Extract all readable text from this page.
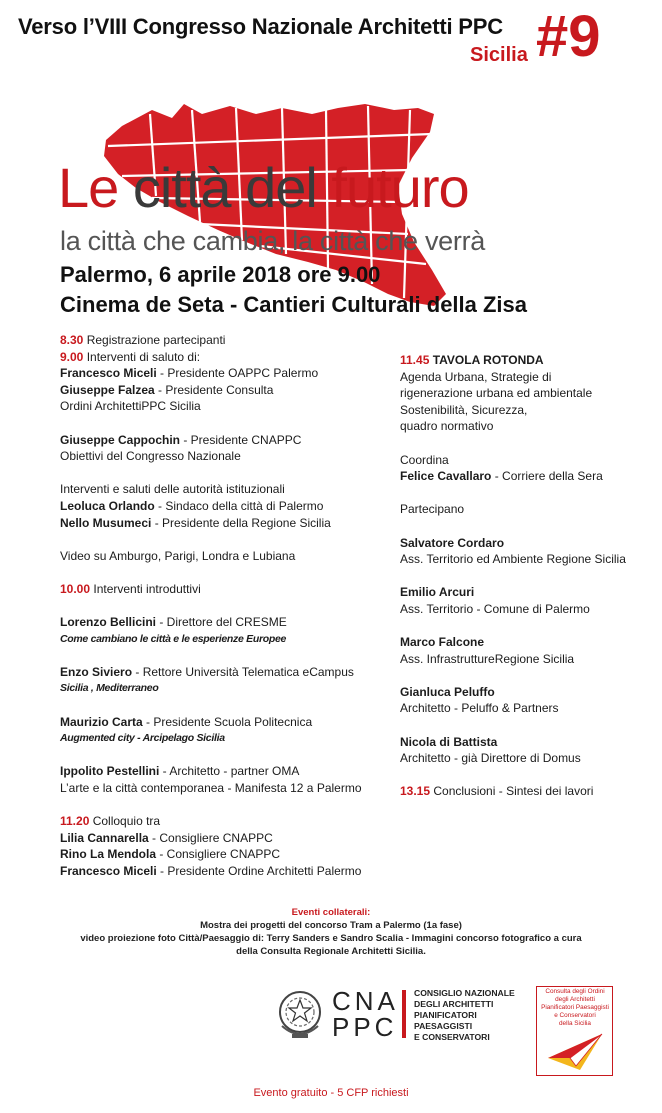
Verso l’VIII Congresso Nazionale Architetti PPC
Sicilia #9
Le città del futuro
la città che cambia, la città che verrà
Palermo, 6 aprile 2018 ore 9.00
Cinema de Seta - Cantieri Culturali della Zisa

8.30 Registrazione partecipanti

9.00 Interventi di saluto di:

Francesco Miceli - Presidente OAPPC Palermo

Giuseppe Falzea - Presidente Consulta

Ordini ArchitettiPPC Sicilia

Giuseppe Cappochin - Presidente CNAPPC

Obiettivi del Congresso Nazionale

Interventi e saluti delle autorità istituzionali

Leoluca Orlando - Sindaco della città di Palermo

Nello Musumeci - Presidente della Regione Sicilia

Video su Amburgo, Parigi, Londra e Lubiana

10.00 Interventi introduttivi

Lorenzo Bellicini - Direttore del CRESME

Come cambiano le città e le esperienze Europee

Enzo Siviero - Rettore Università Telematica eCampus

Sicilia , Mediterraneo

Maurizio Carta - Presidente Scuola Politecnica

Augmented city - Arcipelago Sicilia

Ippolito Pestellini - Architetto - partner OMA

L’arte e la città contemporanea - Manifesta 12 a Palermo

11.20 Colloquio tra

Lilia Cannarella - Consigliere CNAPPC

Rino La Mendola - Consigliere CNAPPC

Francesco Miceli - Presidente Ordine Architetti Palermo

11.45 TAVOLA ROTONDA

Agenda Urbana, Strategie di

rigenerazione urbana ed ambientale

Sostenibilità, Sicurezza,

quadro normativo

Coordina

Felice Cavallaro - Corriere della Sera

Partecipano

Salvatore Cordaro

Ass. Territorio ed Ambiente Regione Sicilia

Emilio Arcuri

Ass. Territorio - Comune di Palermo

Marco Falcone

Ass. InfrastruttureRegione Sicilia

Gianluca Peluffo

Architetto - Peluffo & Partners

Nicola di Battista

Architetto - già Direttore di Domus

13.15 Conclusioni - Sintesi dei lavori

Eventi collaterali:

Mostra dei progetti del concorso Tram a Palermo (1a fase)

video proiezione foto Città/Paesaggio di: Terry Sanders e Sandro Scalia - Immagini concorso fotografico a cura

della Consulta Regionale Architetti Sicilia.

CNA
PPC

CONSIGLIO NAZIONALE

DEGLI ARCHITETTI

PIANIFICATORI

PAESAGGISTI

E CONSERVATORI

Consulta degli Ordini

degli Architetti

Pianificatori Paesaggisti e Conservatori

della Sicilia

Evento gratuito - 5 CFP richiesti
